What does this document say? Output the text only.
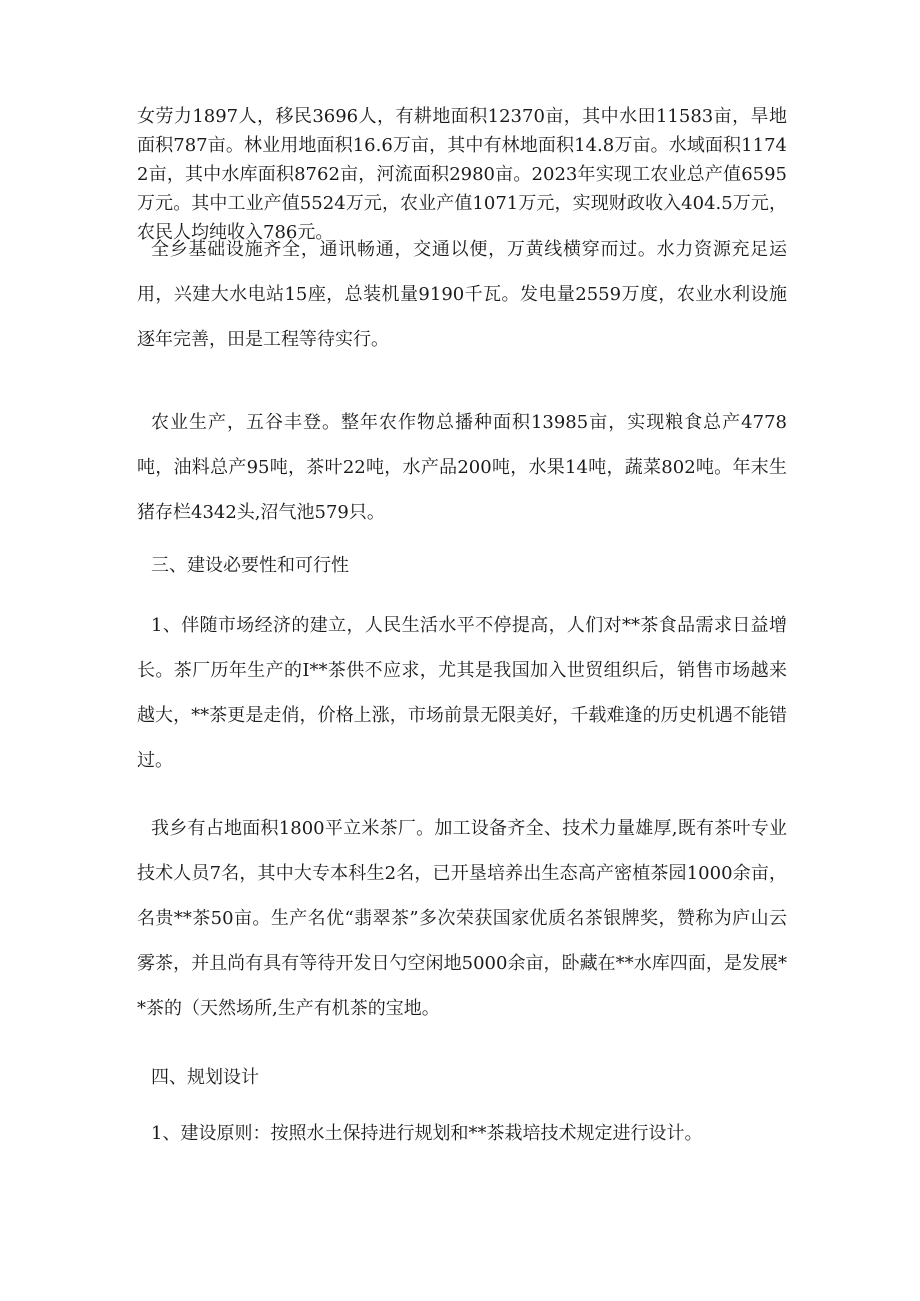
女劳力1897人，移民3696人，有耕地面积12370亩，其中水田11583亩，旱地面积787亩。林业用地面积16.6万亩，其中有林地面积14.8万亩。水域面积11742亩，其中水库面积8762亩，河流面积2980亩。2023年实现工农业总产值6595万元。其中工业产值5524万元，农业产值1071万元，实现财政收入404.5万元，农民人均纯收入786元。

全乡基础设施齐全，通讯畅通，交通以便，万黄线横穿而过。水力资源充足运用，兴建大水电站15座，总装机量9190千瓦。发电量2559万度，农业水利设施逐年完善，田是工程等待实行。

农业生产，五谷丰登。整年农作物总播种面积13985亩，实现粮食总产4778吨，油料总产95吨，茶叶22吨，水产品200吨，水果14吨，蔬菜802吨。年末生猪存栏4342头,沼气池579只。

三、建设必要性和可行性

1、伴随市场经济的建立，人民生活水平不停提高，人们对**茶食品需求日益增长。茶厂历年生产的I**茶供不应求，尤其是我国加入世贸组织后，销售市场越来越大，**茶更是走俏，价格上涨，市场前景无限美好，千载难逢的历史机遇不能错过。

我乡有占地面积1800平立米茶厂。加工设备齐全、技术力量雄厚,既有茶叶专业技术人员7名，其中大专本科生2名，已开垦培养出生态高产密植茶园1000余亩，名贵**茶50亩。生产名优“翡翠茶”多次荣获国家优质名茶银牌奖，赞称为庐山云雾茶，并且尚有具有等待开发日勺空闲地5000余亩，卧藏在**水库四面，是发展**茶的（天然场所,生产有机茶的宝地。

四、规划设计

1、建设原则：按照水土保持进行规划和**茶栽培技术规定进行设计。
